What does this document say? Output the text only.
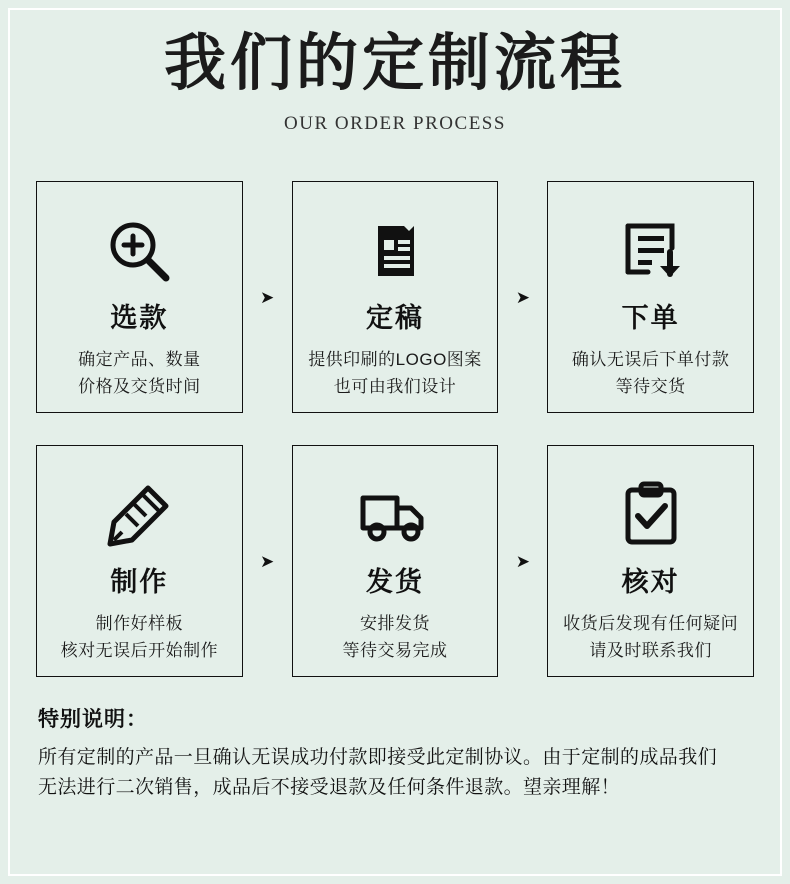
我们的定制流程
OUR ORDER PROCESS
选款
确定产品、数量
价格及交货时间
➤
定稿
提供印刷的LOGO图案
也可由我们设计
➤
下单
确认无误后下单付款
等待交货
制作
制作好样板
核对无误后开始制作
➤
发货
安排发货
等待交易完成
➤
核对
收货后发现有任何疑问
请及时联系我们
特别说明：
所有定制的产品一旦确认无误成功付款即接受此定制协议。由于定制的成品我们
无法进行二次销售，成品后不接受退款及任何条件退款。望亲理解！
